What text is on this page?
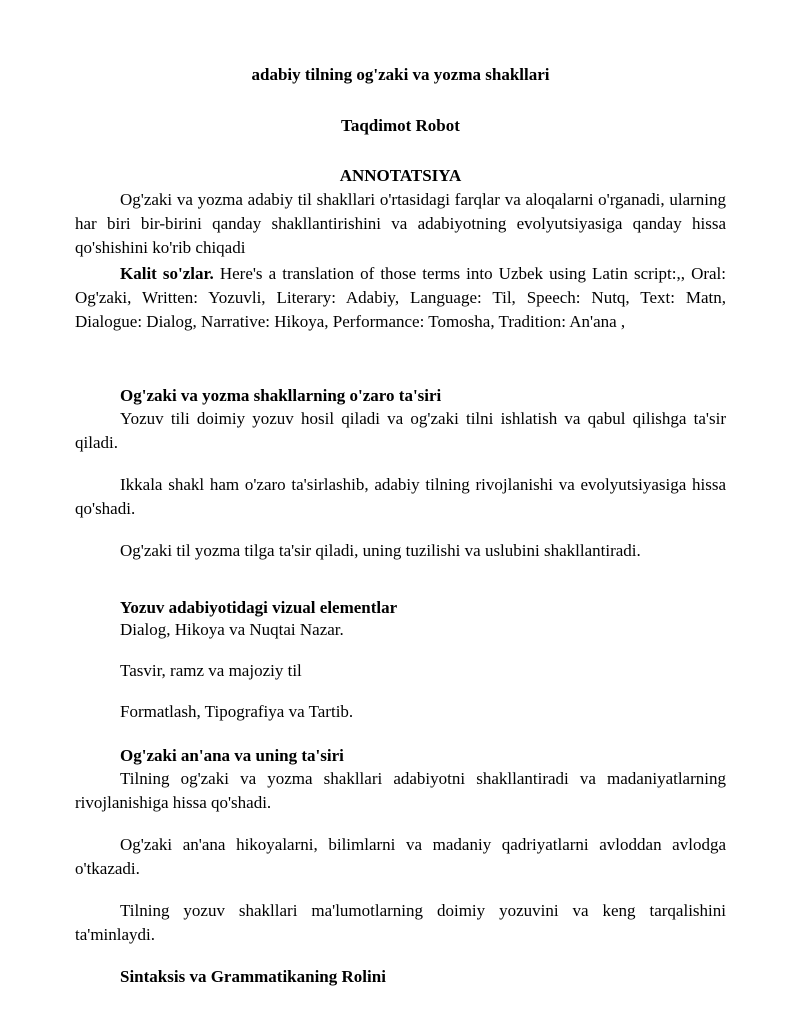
adabiy tilning og'zaki va yozma shakllari

Taqdimot Robot

ANNOTATSIYA

Og'zaki va yozma adabiy til shakllari o'rtasidagi farqlar va aloqalarni o'rganadi, ularning har biri bir-birini qanday shakllantirishini va adabiyotning evolyutsiyasiga qanday hissa qo'shishini ko'rib chiqadi

Kalit so'zlar. Here's a translation of those terms into Uzbek using Latin script:,, Oral: Og'zaki, Written: Yozuvli, Literary: Adabiy, Language: Til, Speech: Nutq, Text: Matn, Dialogue: Dialog, Narrative: Hikoya, Performance: Tomosha, Tradition: An'ana ,

Og'zaki va yozma shakllarning o'zaro ta'siri

Yozuv tili doimiy yozuv hosil qiladi va og'zaki tilni ishlatish va qabul qilishga ta'sir qiladi.

Ikkala shakl ham o'zaro ta'sirlashib, adabiy tilning rivojlanishi va evolyutsiyasiga hissa qo'shadi.

Og'zaki til yozma tilga ta'sir qiladi, uning tuzilishi va uslubini shakllantiradi.

Yozuv adabiyotidagi vizual elementlar

Dialog, Hikoya va Nuqtai Nazar.

Tasvir, ramz va majoziy til

Formatlash, Tipografiya va Tartib.

Og'zaki an'ana va uning ta'siri

Tilning og'zaki va yozma shakllari adabiyotni shakllantiradi va madaniyatlarning rivojlanishiga hissa qo'shadi.

Og'zaki an'ana hikoyalarni, bilimlarni va madaniy qadriyatlarni avloddan avlodga o'tkazadi.

Tilning yozuv shakllari ma'lumotlarning doimiy yozuvini va keng tarqalishini ta'minlaydi.

Sintaksis va Grammatikaning Rolini
